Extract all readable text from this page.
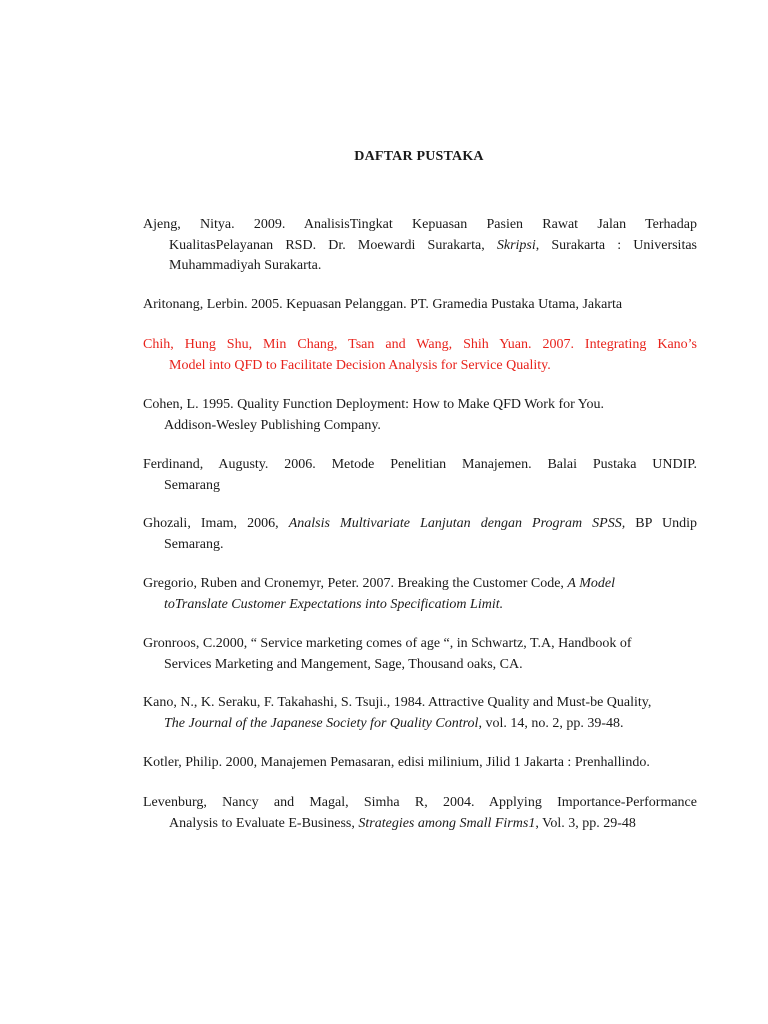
DAFTAR PUSTAKA
Ajeng, Nitya. 2009. AnalisisTingkat Kepuasan Pasien Rawat Jalan Terhadap
KualitasPelayanan RSD. Dr. Moewardi Surakarta, Skripsi, Surakarta : Universitas
Muhammadiyah Surakarta.
Aritonang, Lerbin. 2005. Kepuasan Pelanggan. PT. Gramedia Pustaka Utama, Jakarta
Chih, Hung Shu, Min Chang, Tsan and Wang, Shih Yuan. 2007. Integrating Kano’s
Model into QFD to Facilitate Decision Analysis for Service Quality.
Cohen, L. 1995. Quality Function Deployment: How to Make QFD Work for You.
Addison-Wesley Publishing Company.
Ferdinand, Augusty. 2006. Metode Penelitian Manajemen. Balai Pustaka UNDIP.
Semarang
Ghozali, Imam, 2006, Analsis Multivariate Lanjutan dengan Program SPSS, BP Undip
Semarang.
Gregorio, Ruben and Cronemyr, Peter. 2007. Breaking the Customer Code, A Model
toTranslate Customer Expectations into Specificatiom Limit.
Gronroos, C.2000, “ Service marketing comes of age “, in Schwartz, T.A, Handbook of
Services Marketing and Mangement, Sage, Thousand oaks, CA.
Kano, N., K. Seraku, F. Takahashi, S. Tsuji., 1984. Attractive Quality and Must-be Quality,
The Journal of the Japanese Society for Quality Control, vol. 14, no. 2, pp. 39-48.
Kotler, Philip. 2000, Manajemen Pemasaran, edisi milinium, Jilid 1 Jakarta : Prenhallindo.
Levenburg, Nancy and Magal, Simha R, 2004. Applying Importance-Performance
Analysis to Evaluate E-Business, Strategies among Small Firms1, Vol. 3, pp. 29-48
